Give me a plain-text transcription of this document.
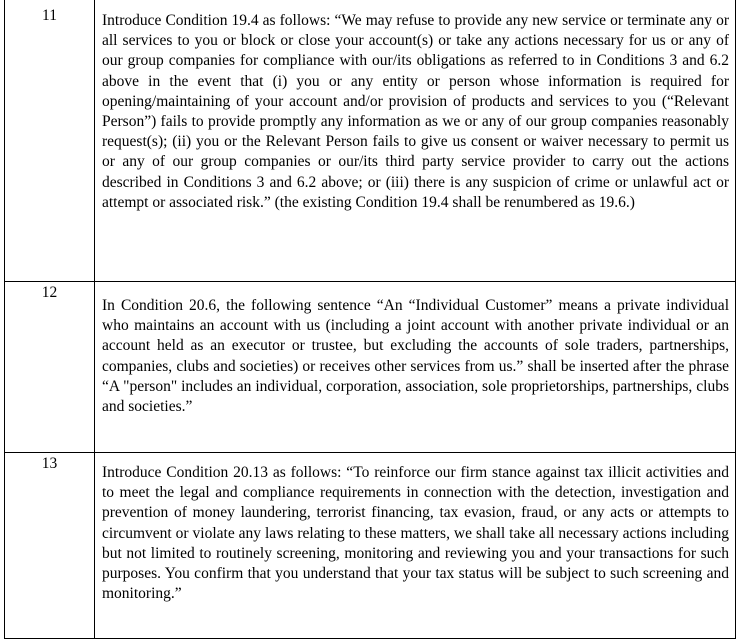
11	Introduce Condition 19.4 as follows: “We may refuse to provide any new service or terminate any or all services to you or block or close your account(s) or take any actions necessary for us or any of our group companies for compliance with our/its obligations as referred to in Conditions 3 and 6.2 above in the event that (i) you or any entity or person whose information is required for opening/maintaining of your account and/or provision of products and services to you (“Relevant Person”) fails to provide promptly any information as we or any of our group companies reasonably request(s); (ii) you or the Relevant Person fails to give us consent or waiver necessary to permit us or any of our group companies or our/its third party service provider to carry out the actions described in Conditions 3 and 6.2 above; or (iii) there is any suspicion of crime or unlawful act or attempt or associated risk.” (the existing Condition 19.4 shall be renumbered as 19.6.)
12	In Condition 20.6, the following sentence “An “Individual Customer” means a private individual who maintains an account with us (including a joint account with another private individual or an account held as an executor or trustee, but excluding the accounts of sole traders, partnerships, companies, clubs and societies) or receives other services from us.” shall be inserted after the phrase “A "person" includes an individual, corporation, association, sole proprietorships, partnerships, clubs and societies.”
13	Introduce Condition 20.13 as follows: “To reinforce our firm stance against tax illicit activities and to meet the legal and compliance requirements in connection with the detection, investigation and prevention of money laundering, terrorist financing, tax evasion, fraud, or any acts or attempts to circumvent or violate any laws relating to these matters, we shall take all necessary actions including but not limited to routinely screening, monitoring and reviewing you and your transactions for such purposes. You confirm that you understand that your tax status will be subject to such screening and monitoring.”
